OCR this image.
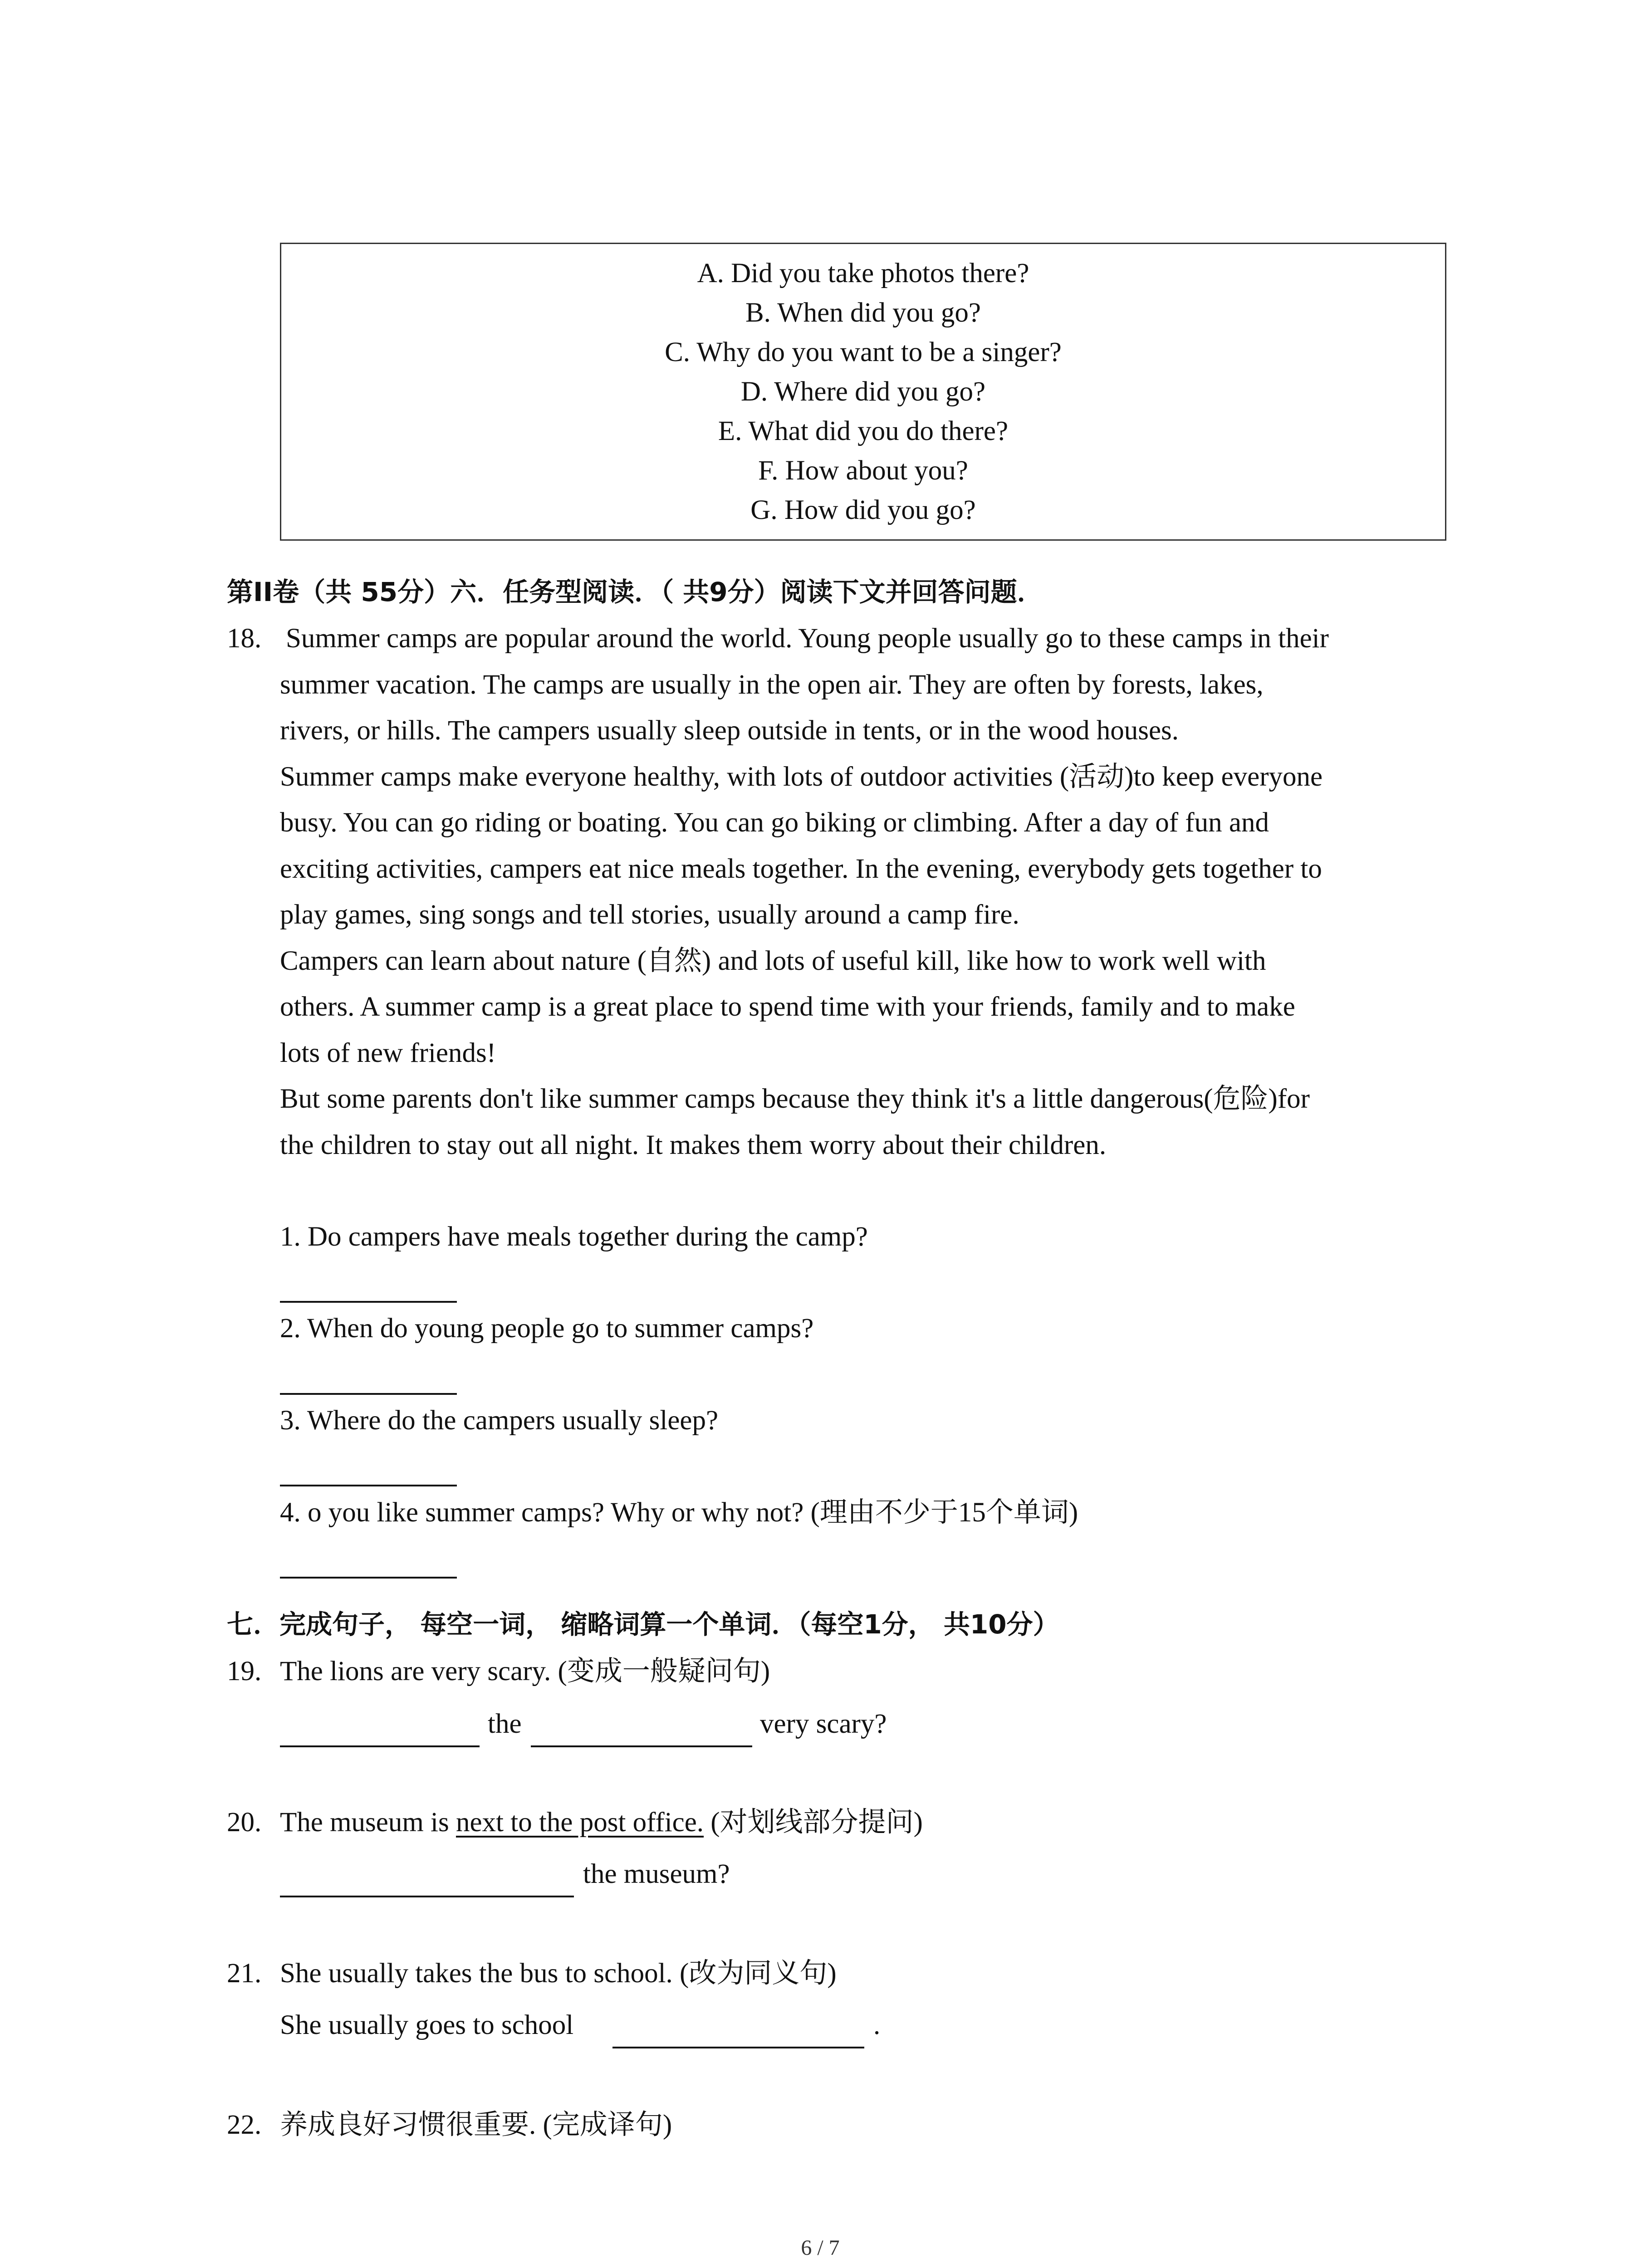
A. Did you take photos there?
B. When did you go?
C. Why do you want to be a singer?
D. Where did you go?
E. What did you do there?
F. How about you?
G. How did you go?
第II卷（共 55分）六．任务型阅读．（ 共9分）阅读下文并回答问题．
18. Summer camps are popular around the world. Young people usually go to these camps in their
summer vacation. The camps are usually in the open air. They are often by forests, lakes,
rivers, or hills. The campers usually sleep outside in tents, or in the wood houses.
Summer camps make everyone healthy, with lots of outdoor activities (活动)to keep everyone
busy. You can go riding or boating. You can go biking or climbing. After a day of fun and
exciting activities, campers eat nice meals together. In the evening, everybody gets together to
play games, sing songs and tell stories, usually around a camp fire.
Campers can learn about nature (自然) and lots of useful kill, like how to work well with
others. A summer camp is a great place to spend time with your friends, family and to make
lots of new friends!
But some parents don't like summer camps because they think it's a little dangerous(危险)for
the children to stay out all night. It makes them worry about their children.
1. Do campers have meals together during the camp?
2. When do young people go to summer camps?
3. Where do the campers usually sleep?
4. o you like summer camps? Why or why not? (理由不少于15个单词)
七．完成句子， 每空一词， 缩略词算一个单词．（每空1分， 共10分）
19. The lions are very scary. (变成一般疑问句)
the	very scary?
20. The museum is next to the post office. (对划线部分提问)
the museum?
21. She usually takes the bus to school. (改为同义句)
She usually goes to school	.
22. 养成良好习惯很重要. (完成译句)
6 / 7
